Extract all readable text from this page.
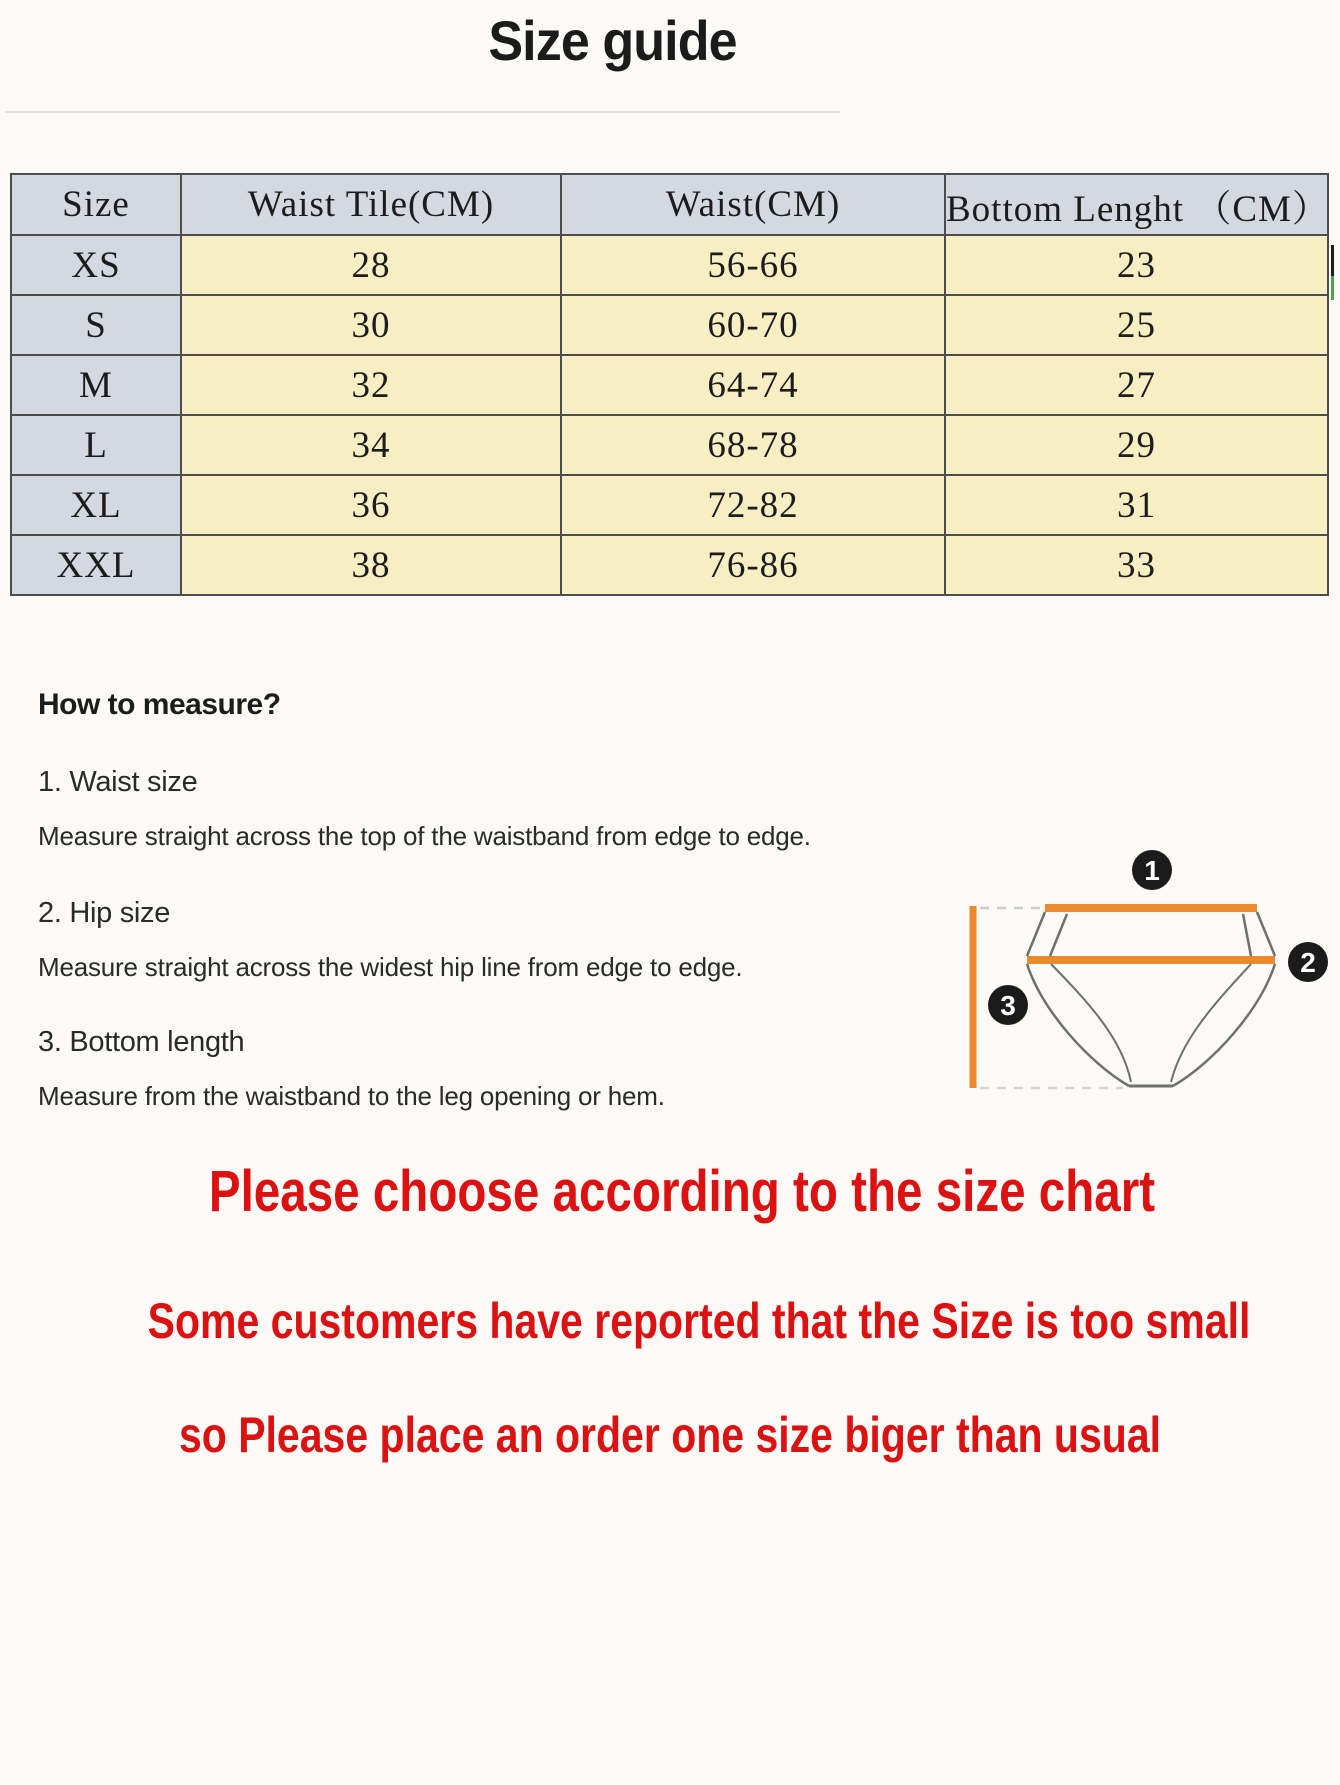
Size guide
Size	Waist Tile(CM)	Waist(CM)	Bottom Lenght （CM）
XS	28	56-66	23
S	30	60-70	25
M	32	64-74	27
L	34	68-78	29
XL	36	72-82	31
XXL	38	76-86	33
How to measure?
1. Waist size
Measure straight across the top of the waistband from edge to edge.
2. Hip size
Measure straight across the widest hip line from edge to edge.
3. Bottom length
Measure from the waistband to the leg opening or hem.
1
2
3
Please choose according to the size chart
Some customers have reported that the Size is too small
so Please place an order one size biger than usual
